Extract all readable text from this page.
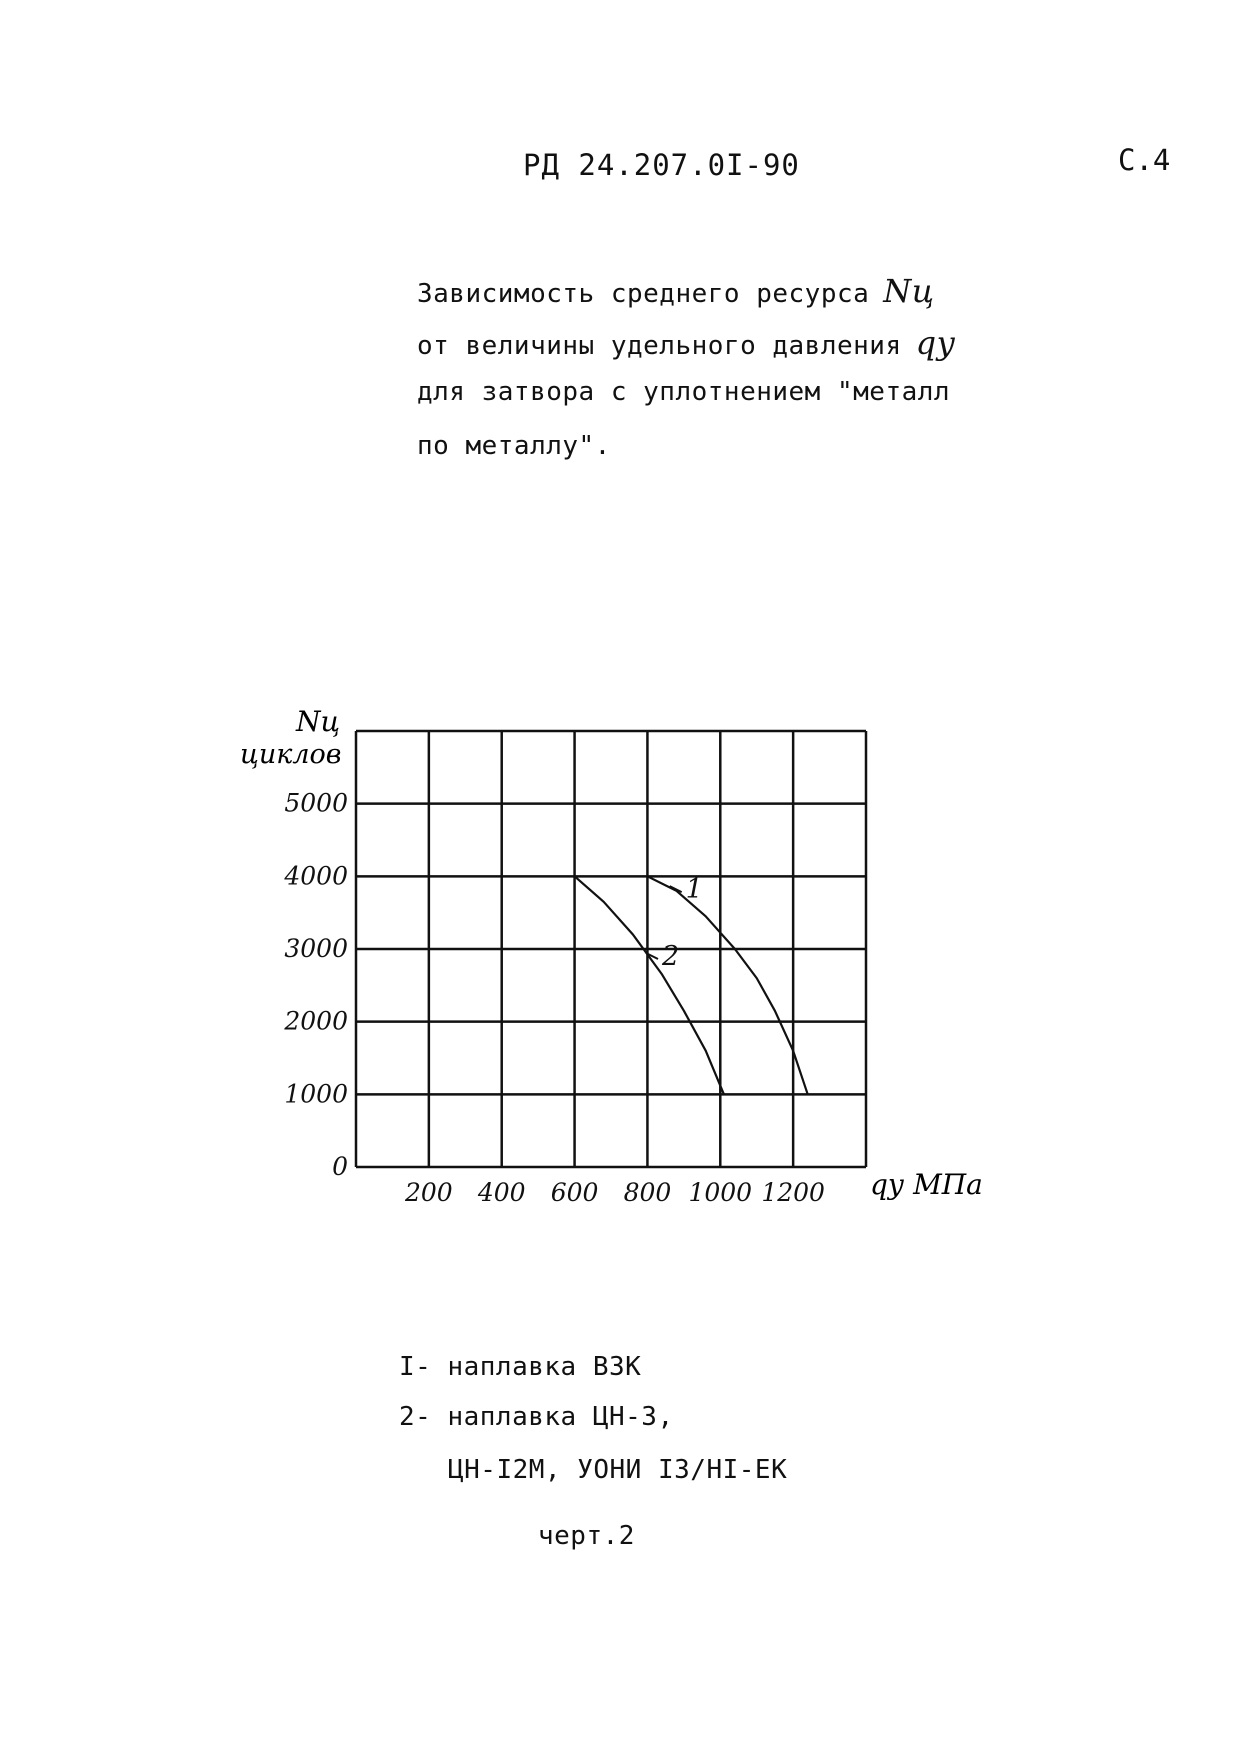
РД 24.207.0I-90	С.4
Зависимость среднего ресурса Nц
от величины удельного давления qу
для затвора с уплотнением "металл
по металлу".
1
2
0
1000
2000
3000
4000
5000
200 400 600 800 1000 1200
Nц
циклов
qу МПа
I- наплавка ВЗК
2- наплавка ЦН-3,
ЦН-I2М, УОНИ I3/НI-ЕК
черт.2
